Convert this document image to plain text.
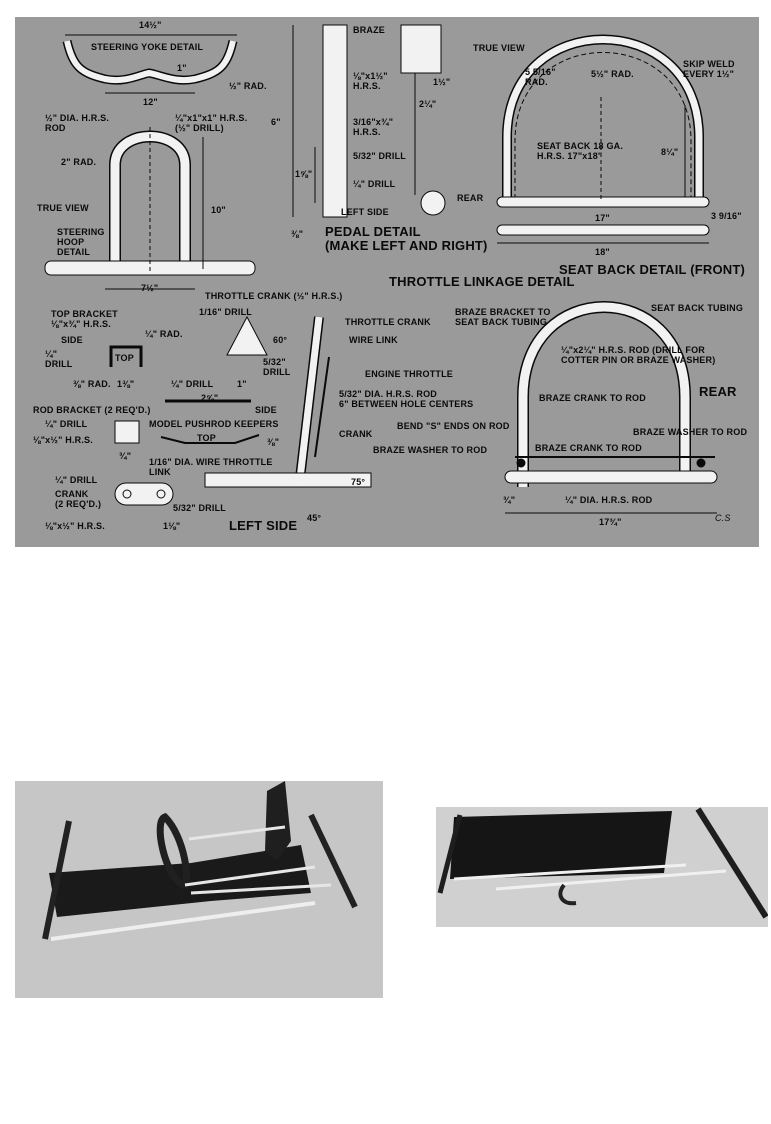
14½"
STEERING YOKE DETAIL
1"
½" RAD.
12"
½" DIA. H.R.S.
ROD
¼"x1"x1" H.R.S.
(½" DRILL)
2" RAD.
TRUE VIEW
STEERING
HOOP
DETAIL
10"
7½"
BRAZE
⅛"x1½"
H.R.S.	1½"
2¼"
6"	3/16"x¾"
H.R.S.
5/32" DRILL
1⅝"
¼" DRILL
LEFT SIDE
⅜"
REAR
PEDAL DETAIL
(MAKE LEFT AND RIGHT)
TRUE VIEW
5 5/16"
RAD.
5½" RAD.
SKIP WELD
EVERY 1½"
SEAT BACK 18 GA.
H.R.S. 17"x18"	8¼"
3 9/16"
17"
18"
SEAT BACK DETAIL (FRONT)
THROTTLE LINKAGE DETAIL
THROTTLE CRANK (½" H.R.S.)
TOP BRACKET
⅛"x¾" H.R.S.
¼" RAD.
1/16" DRILL
SIDE
TOP
60°
¼"
DRILL
⅜" RAD. 1⅜"	¼" DRILL	1"
5/32"
DRILL
2⅝"
SIDE
ROD BRACKET (2 REQ'D.)
¼" DRILL
⅛"x½" H.R.S.
MODEL PUSHROD KEEPERS
TOP
¾"
⅜"
1/16" DIA. WIRE THROTTLE
LINK
¼" DRILL
CRANK
(2 REQ'D.)	5/32" DRILL
⅛"x½" H.R.S.	1⅛"
THROTTLE CRANK
WIRE LINK
ENGINE THROTTLE
5/32" DIA. H.R.S. ROD
6" BETWEEN HOLE CENTERS
CRANK
75°
45°
LEFT SIDE
BRAZE BRACKET TO
SEAT BACK TUBING
SEAT BACK TUBING
¼"x2¼" H.R.S. ROD (DRILL FOR
COTTER PIN OR BRAZE WASHER)
REAR
BRAZE CRANK TO ROD
BEND "S" ENDS ON ROD
BRAZE WASHER TO ROD
BRAZE WASHER TO ROD	BRAZE CRANK TO ROD
¾"	¼" DIA. H.R.S. ROD
17¾"	C.S
